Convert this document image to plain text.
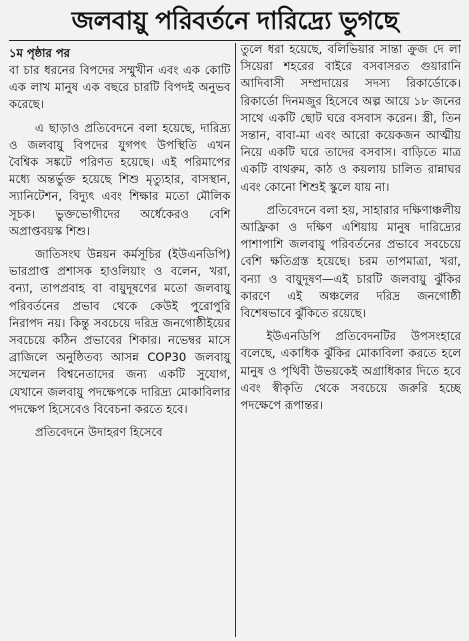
জলবায়ু পরিবর্তনে দারিদ্র্যে ভুগছে
১ম পৃষ্ঠার পর

বা চার ধরনের বিপদের সম্মুখীন এবং এক কোটি এক লাখ মানুষ এক বছরে চারটি বিপদই অনুভব করেছে।

এ ছাড়াও প্রতিবেদনে বলা হয়েছে, দারিদ্র্য ও জলবায়ু বিপদের যুগপৎ উপস্থিতি এখন বৈশ্বিক সঙ্কটে পরিণত হয়েছে। এই পরিমাপের মধ্যে অন্তর্ভুক্ত হয়েছে শিশু মৃত্যুহার, বাসস্থান, স্যানিটেশন, বিদ্যুৎ এবং শিক্ষার মতো মৌলিক সূচক। ভুক্তভোগীদের অর্ধেকেরও বেশি অপ্রাপ্তবয়স্ক শিশু।

জাতিসংঘ উন্নয়ন কর্মসূচির (ইউএনডিপি) ভারপ্রাপ্ত প্রশাসক হাওলিয়াং ও বলেন, খরা, বন্যা, তাপপ্রবাহ বা বায়ুদূষণের মতো জলবায়ু পরিবর্তনের প্রভাব থেকে কেউই পুরোপুরি নিরাপদ নয়। কিন্তু সবচেয়ে দরিদ্র জনগোষ্ঠীইয়ের সবচেয়ে কঠিন প্রভাবের শিকার। নভেম্বর মাসে ব্রাজিলে অনুষ্ঠিতব্য আসন্ন COP30 জলবায়ু সম্মেলন বিশ্বনেতাদের জন্য একটি সুযোগ, যেখানে জলবায়ু পদক্ষেপকে দারিদ্র্য মোকাবিলার পদক্ষেপ হিসেবেও বিবেচনা করতে হবে।

প্রতিবেদনে উদাহরণ হিসেবে

তুলে ধরা হয়েছে, বলিভিয়ার সান্তা ক্রুজ দে লা সিয়েরা শহরের বাইরে বসবাসরত গুয়ারানি আদিবাসী সম্প্রদায়ের সদস্য রিকার্ডোকে। রিকার্ডো দিনমজুর হিসেবে অল্প আয়ে ১৮ জনের সাথে একটি ছোট ঘরে বসবাস করেন। স্ত্রী, তিন সন্তান, বাবা-মা এবং আরো কয়েকজন আত্মীয় নিয়ে একটি ঘরে তাদের বসবাস। বাড়িতে মাত্র একটি বাথরুম, কাঠ ও কয়লায় চালিত রান্নাঘর এবং কোনো শিশুই স্কুলে যায় না।

প্রতিবেদনে বলা হয়, সাহারার দক্ষিণাঞ্চলীয় আফ্রিকা ও দক্ষিণ এশিয়ায় মানুষ দারিদ্র্যের পাশাপাশি জলবায়ু পরিবর্তনের প্রভাবে সবচেয়ে বেশি ক্ষতিগ্রস্ত হয়েছে। চরম তাপমাত্রা, খরা, বন্যা ও বায়ুদূষণ—এই চারটি জলবায়ু ঝুঁকির কারণে এই অঞ্চলের দরিদ্র জনগোষ্ঠী বিশেষভাবে ঝুঁকিতে রয়েছে।

ইউএনডিপি প্রতিবেদনটির উপসংহারে বলেছে, একাধিক ঝুঁকির মোকাবিলা করতে হলে মানুষ ও পৃথিবী উভয়কেই অগ্রাধিকার দিতে হবে এবং স্বীকৃতি থেকে সবচেয়ে জরুরি হচ্ছে পদক্ষেপে রূপান্তর।
